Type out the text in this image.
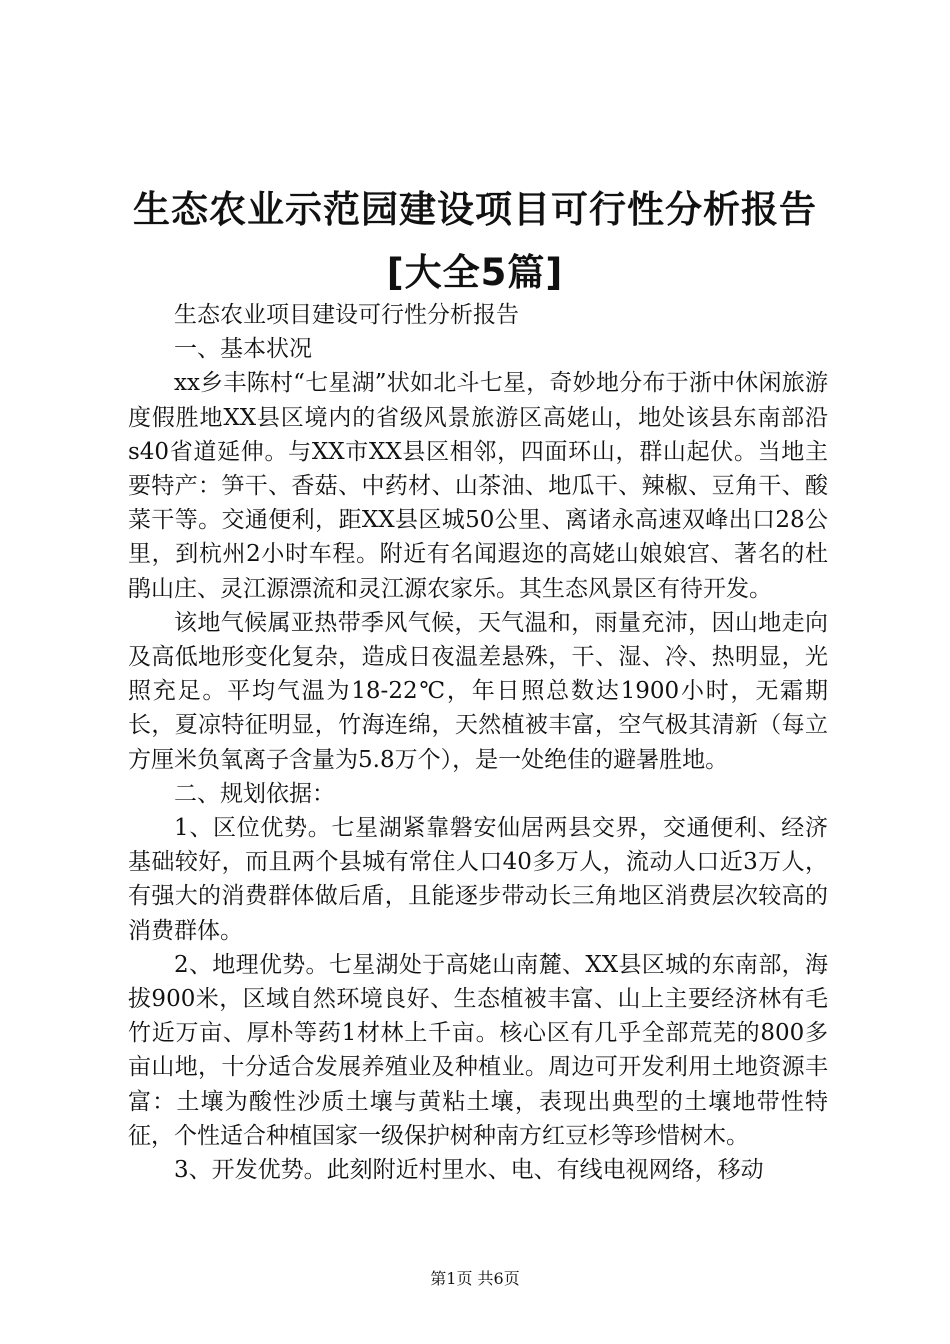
生态农业示范园建设项目可行性分析报告[大全5篇]

生态农业项目建设可行性分析报告

一、基本状况

xx乡丰陈村“七星湖”状如北斗七星，奇妙地分布于浙中休闲旅游度假胜地XX县区境内的省级风景旅游区高姥山，地处该县东南部沿s40省道延伸。与XX市XX县区相邻，四面环山，群山起伏。当地主要特产：笋干、香菇、中药材、山茶油、地瓜干、辣椒、豆角干、酸菜干等。交通便利，距XX县区城50公里、离诸永高速双峰出口28公里，到杭州2小时车程。附近有名闻遐迩的高姥山娘娘宫、著名的杜鹃山庄、灵江源漂流和灵江源农家乐。其生态风景区有待开发。

该地气候属亚热带季风气候，天气温和，雨量充沛，因山地走向及高低地形变化复杂，造成日夜温差悬殊，干、湿、冷、热明显，光照充足。平均气温为18-22℃，年日照总数达1900小时，无霜期长，夏凉特征明显，竹海连绵，天然植被丰富，空气极其清新（每立方厘米负氧离子含量为5.8万个），是一处绝佳的避暑胜地。

二、规划依据：

1、区位优势。七星湖紧靠磐安仙居两县交界，交通便利、经济基础较好，而且两个县城有常住人口40多万人，流动人口近3万人，有强大的消费群体做后盾，且能逐步带动长三角地区消费层次较高的消费群体。

2、地理优势。七星湖处于高姥山南麓、XX县区城的东南部，海拔900米，区域自然环境良好、生态植被丰富、山上主要经济林有毛竹近万亩、厚朴等药1材林上千亩。核心区有几乎全部荒芜的800多亩山地，十分适合发展养殖业及种植业。周边可开发利用土地资源丰富：土壤为酸性沙质土壤与黄粘土壤，表现出典型的土壤地带性特征，个性适合种植国家一级保护树种南方红豆杉等珍惜树木。

3、开发优势。此刻附近村里水、电、有线电视网络，移动

第1页 共6页
